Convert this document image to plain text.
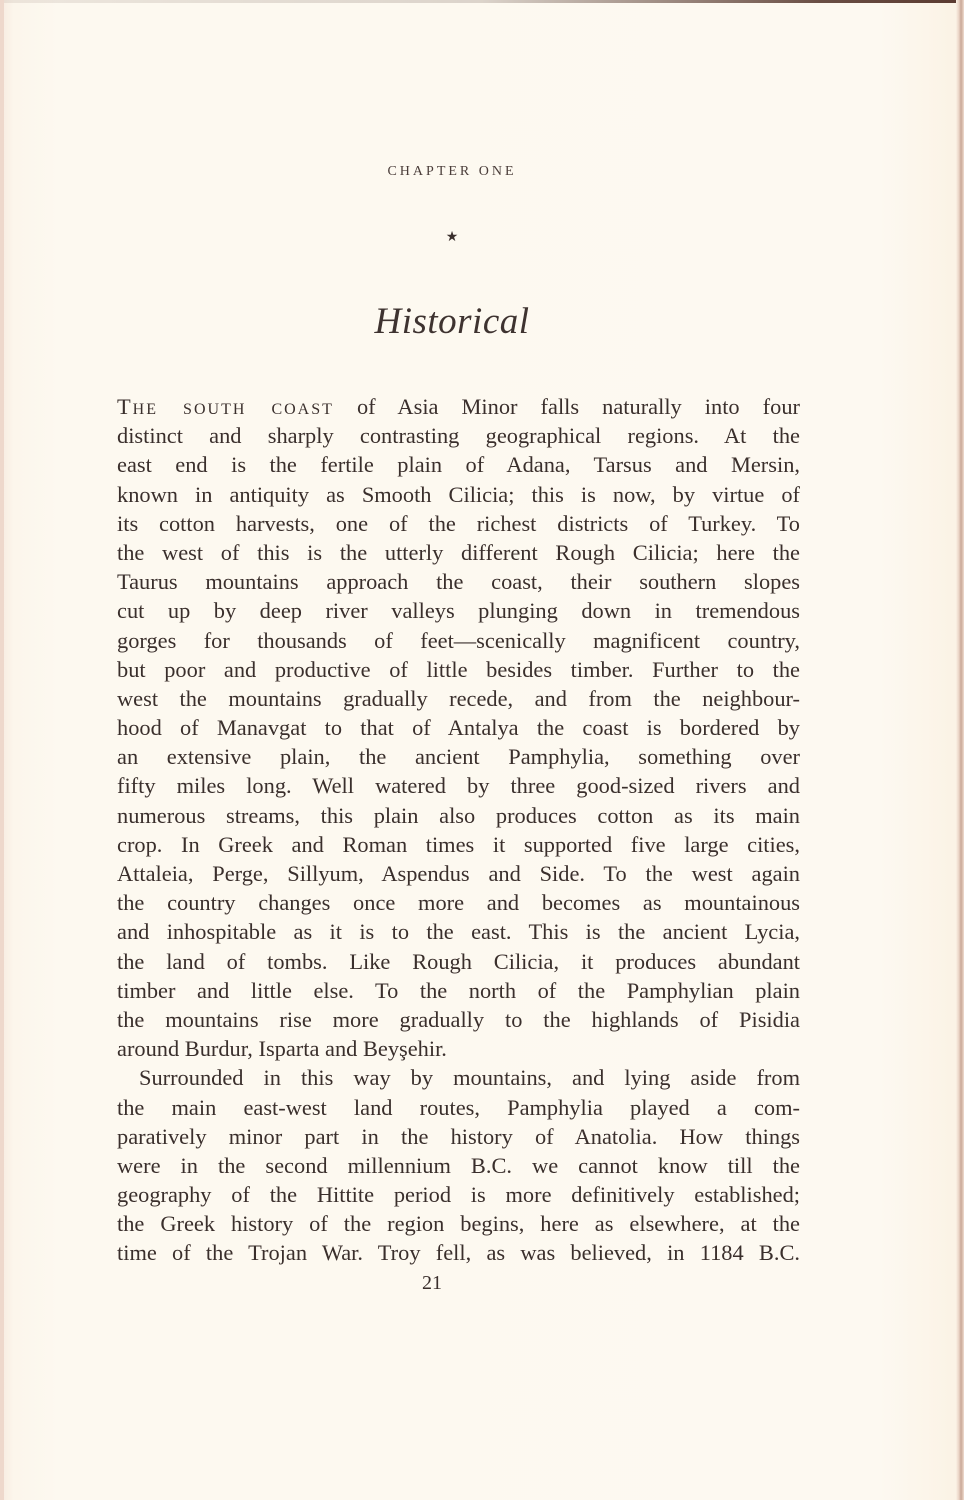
CHAPTER ONE
★
Historical
The south coast of Asia Minor falls naturally into four
distinct and sharply contrasting geographical regions. At the
east end is the fertile plain of Adana, Tarsus and Mersin,
known in antiquity as Smooth Cilicia; this is now, by virtue of
its cotton harvests, one of the richest districts of Turkey. To
the west of this is the utterly different Rough Cilicia; here the
Taurus mountains approach the coast, their southern slopes
cut up by deep river valleys plunging down in tremendous
gorges for thousands of feet—scenically magnificent country,
but poor and productive of little besides timber. Further to the
west the mountains gradually recede, and from the neighbour-
hood of Manavgat to that of Antalya the coast is bordered by
an extensive plain, the ancient Pamphylia, something over
fifty miles long. Well watered by three good-sized rivers and
numerous streams, this plain also produces cotton as its main
crop. In Greek and Roman times it supported five large cities,
Attaleia, Perge, Sillyum, Aspendus and Side. To the west again
the country changes once more and becomes as mountainous
and inhospitable as it is to the east. This is the ancient Lycia,
the land of tombs. Like Rough Cilicia, it produces abundant
timber and little else. To the north of the Pamphylian plain
the mountains rise more gradually to the highlands of Pisidia
around Burdur, Isparta and Beyşehir.
Surrounded in this way by mountains, and lying aside from
the main east-west land routes, Pamphylia played a com-
paratively minor part in the history of Anatolia. How things
were in the second millennium B.C. we cannot know till the
geography of the Hittite period is more definitively established;
the Greek history of the region begins, here as elsewhere, at the
time of the Trojan War. Troy fell, as was believed, in 1184 B.C.
21
